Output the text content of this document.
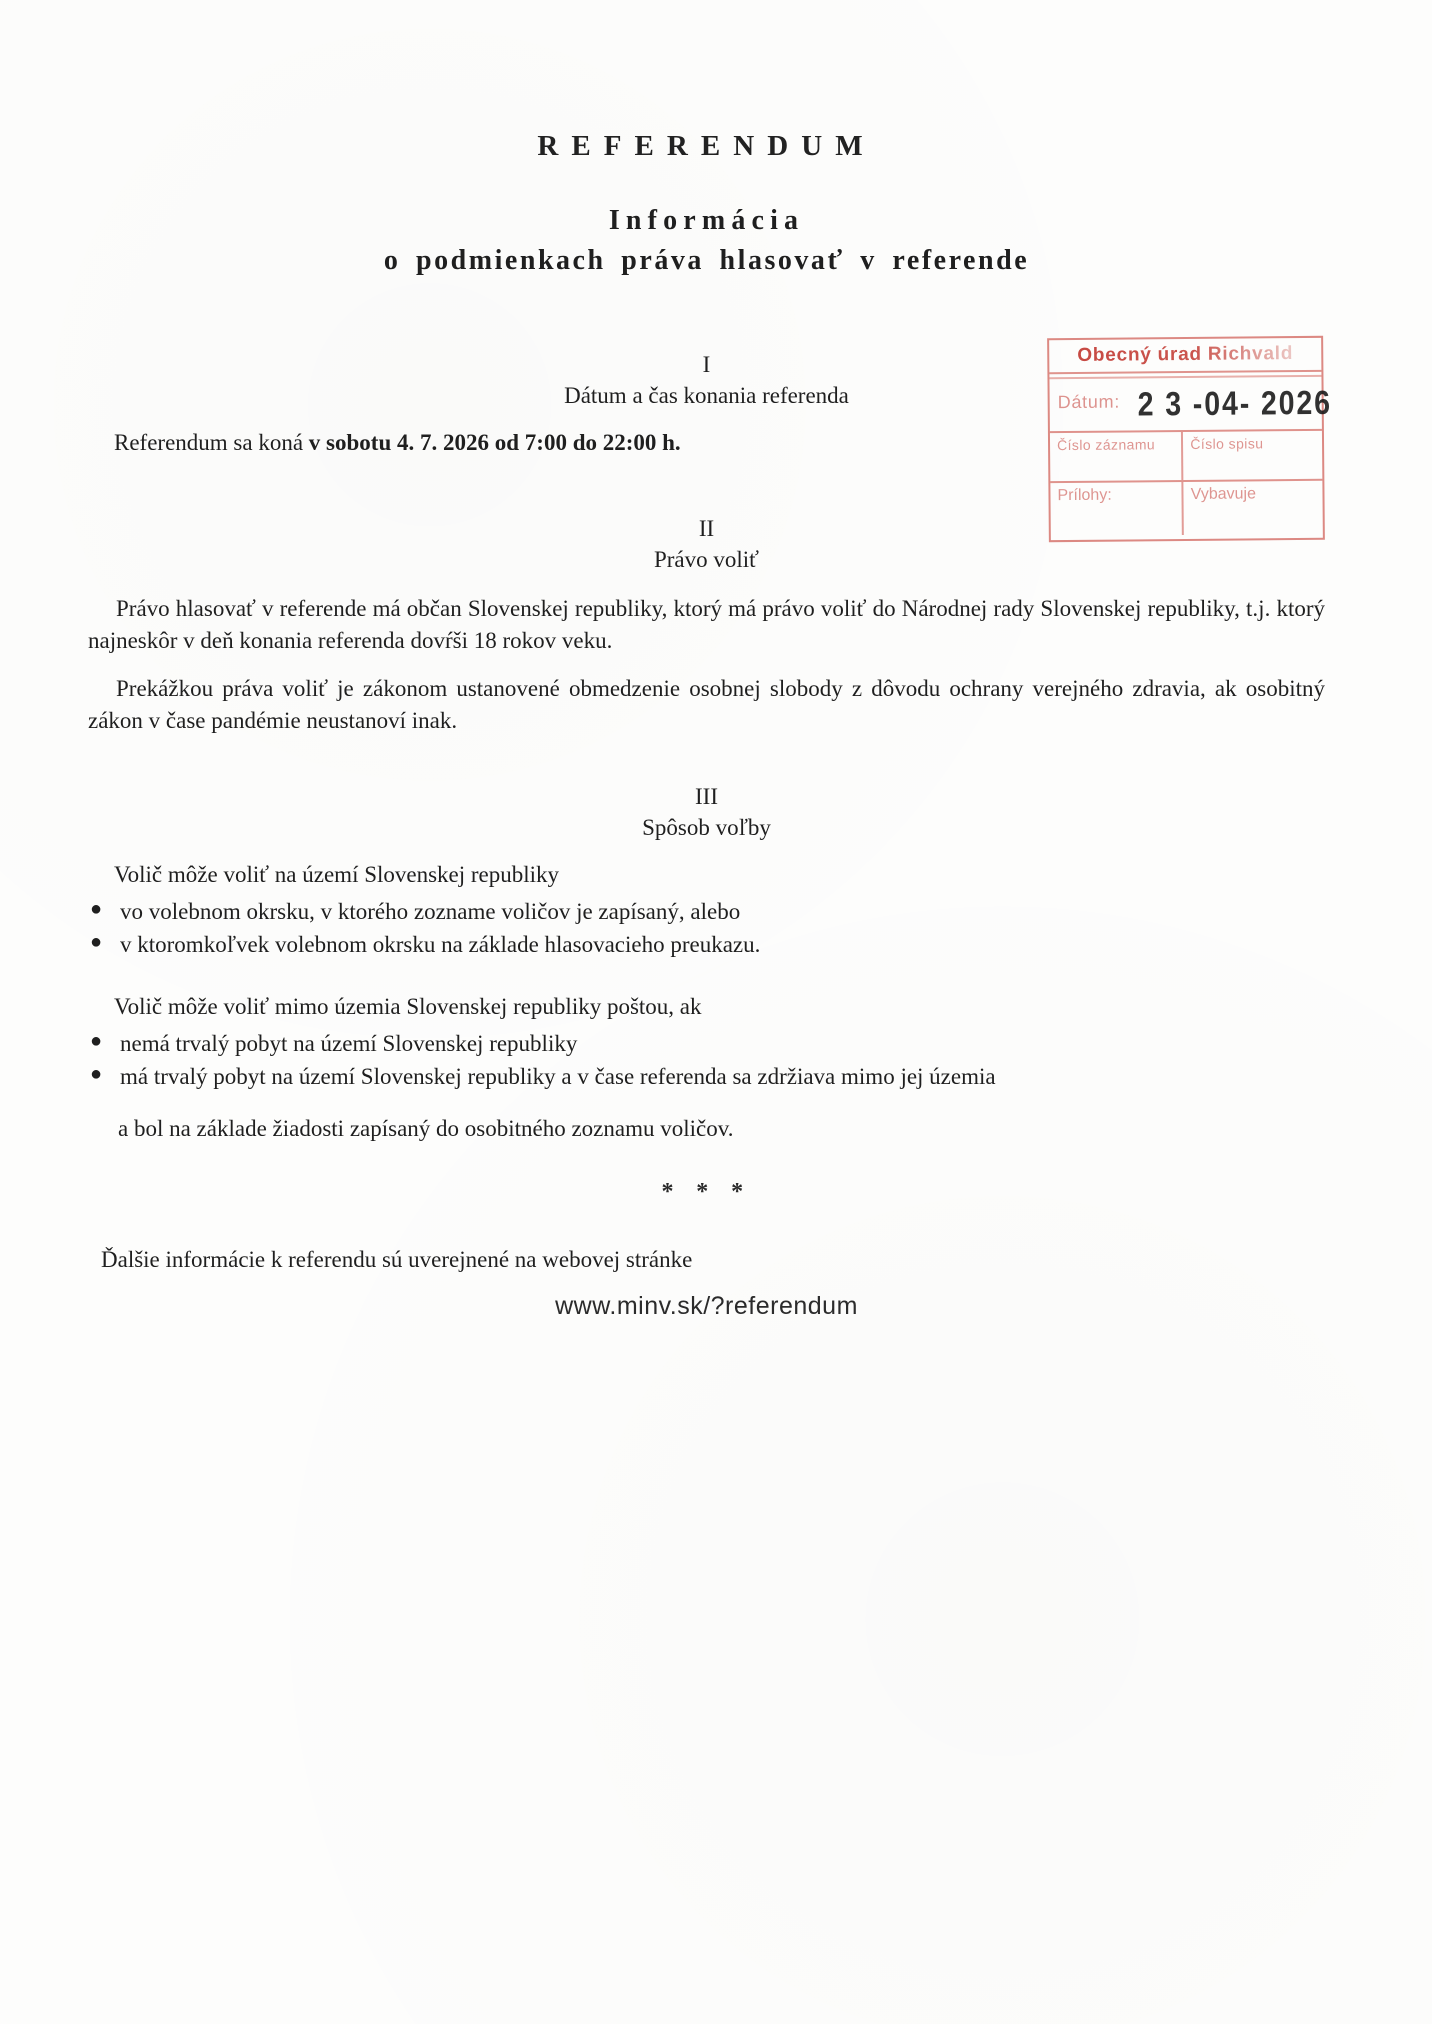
REFERENDUM
Informácia
o podmienkach práva hlasovať v referende
I
Dátum a čas konania referenda
Referendum sa koná v sobotu 4. 7. 2026 od 7:00 do 22:00 h.
II
Právo voliť
Právo hlasovať v referende má občan Slovenskej republiky, ktorý má právo voliť do Národnej rady Slovenskej republiky, t.j. ktorý najneskôr v deň konania referenda dovŕši 18 rokov veku.
Prekážkou práva voliť je zákonom ustanovené obmedzenie osobnej slobody z dôvodu ochrany verejného zdravia, ak osobitný zákon v čase pandémie neustanoví inak.
III
Spôsob voľby
Volič môže voliť na území Slovenskej republiky
● vo volebnom okrsku, v ktorého zozname voličov je zapísaný, alebo
● v ktoromkoľvek volebnom okrsku na základe hlasovacieho preukazu.
Volič môže voliť mimo územia Slovenskej republiky poštou, ak
● nemá trvalý pobyt na území Slovenskej republiky
● má trvalý pobyt na území Slovenskej republiky a v čase referenda sa zdržiava mimo jej územia
a bol na základe žiadosti zapísaný do osobitného zoznamu voličov.
* * *
Ďalšie informácie k referendu sú uverejnené na webovej stránke
www.minv.sk/?referendum
Obecný úrad Richvald
Dátum: 2 3 -04- 2026
Číslo záznamu	Číslo spisu
Prílohy:	Vybavuje
